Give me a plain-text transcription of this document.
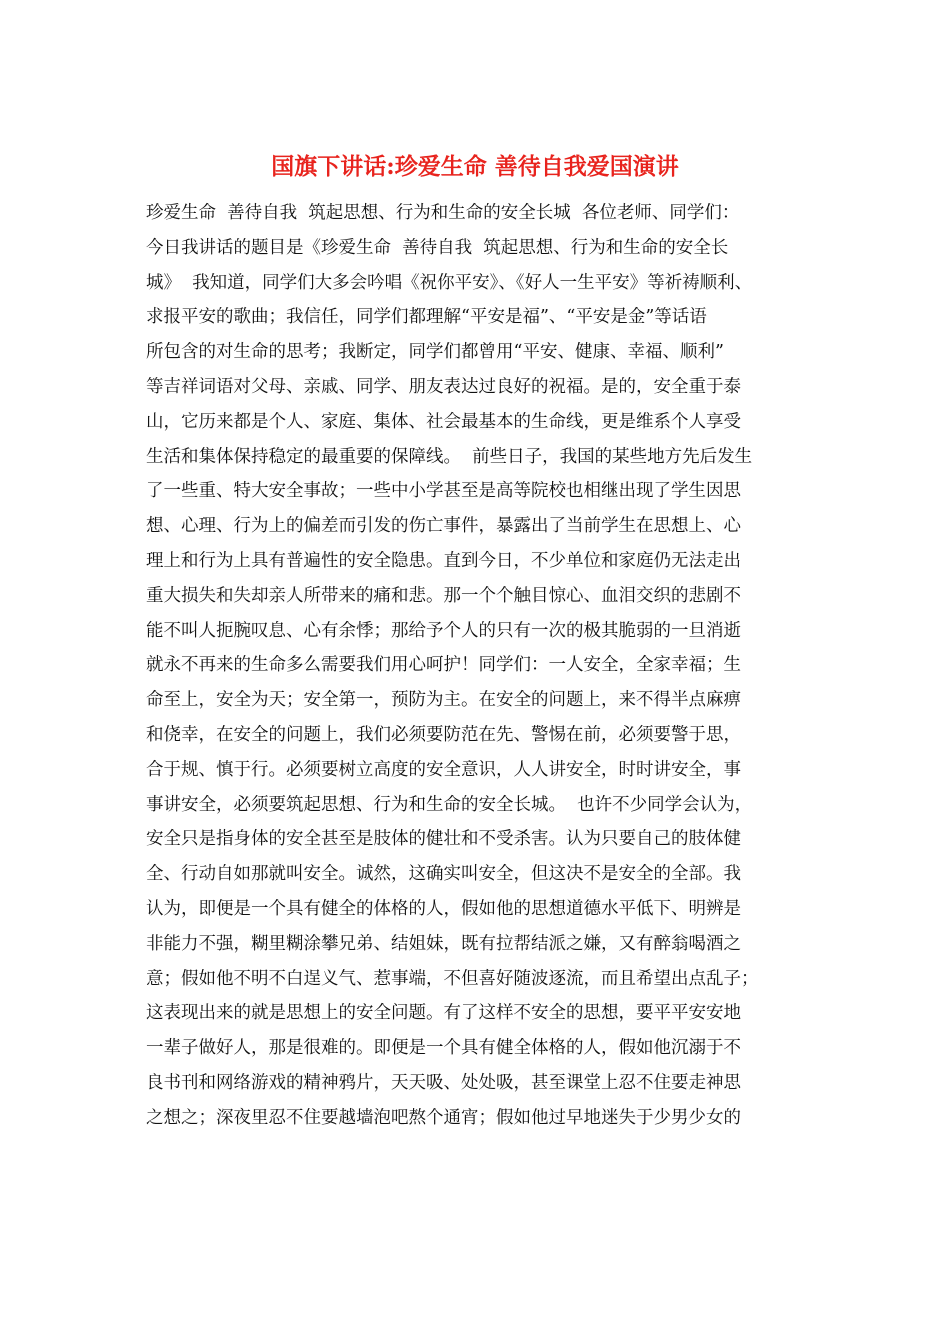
国旗下讲话:珍爱生命 善待自我爱国演讲
珍爱生命  善待自我  筑起思想、行为和生命的安全长城  各位老师、同学们：
今日我讲话的题目是《珍爱生命  善待自我  筑起思想、行为和生命的安全长
城》  我知道，同学们大多会吟唱《祝你平安》、《好人一生平安》等祈祷顺利、
求报平安的歌曲；我信任，同学们都理解“平安是福”、“平安是金”等话语
所包含的对生命的思考；我断定，同学们都曾用“平安、健康、幸福、顺利”
等吉祥词语对父母、亲戚、同学、朋友表达过良好的祝福。是的，安全重于泰
山，它历来都是个人、家庭、集体、社会最基本的生命线，更是维系个人享受
生活和集体保持稳定的最重要的保障线。  前些日子，我国的某些地方先后发生
了一些重、特大安全事故；一些中小学甚至是高等院校也相继出现了学生因思
想、心理、行为上的偏差而引发的伤亡事件，暴露出了当前学生在思想上、心
理上和行为上具有普遍性的安全隐患。直到今日，不少单位和家庭仍无法走出
重大损失和失却亲人所带来的痛和悲。那一个个触目惊心、血泪交织的悲剧不
能不叫人扼腕叹息、心有余悸；那给予个人的只有一次的极其脆弱的一旦消逝
就永不再来的生命多么需要我们用心呵护！同学们：一人安全，全家幸福；生
命至上，安全为天；安全第一，预防为主。在安全的问题上，来不得半点麻痹
和侥幸，在安全的问题上，我们必须要防范在先、警惕在前，必须要警于思，
合于规、慎于行。必须要树立高度的安全意识，人人讲安全，时时讲安全，事
事讲安全，必须要筑起思想、行为和生命的安全长城。  也许不少同学会认为，
安全只是指身体的安全甚至是肢体的健壮和不受杀害。认为只要自己的肢体健
全、行动自如那就叫安全。诚然，这确实叫安全，但这决不是安全的全部。我
认为，即便是一个具有健全的体格的人，假如他的思想道德水平低下、明辨是
非能力不强，糊里糊涂攀兄弟、结姐妹，既有拉帮结派之嫌，又有醉翁喝酒之
意；假如他不明不白逞义气、惹事端，不但喜好随波逐流，而且希望出点乱子；
这表现出来的就是思想上的安全问题。有了这样不安全的思想，要平平安安地
一辈子做好人，那是很难的。即便是一个具有健全体格的人，假如他沉溺于不
良书刊和网络游戏的精神鸦片，天天吸、处处吸，甚至课堂上忍不住要走神思
之想之；深夜里忍不住要越墙泡吧熬个通宵；假如他过早地迷失于少男少女的
